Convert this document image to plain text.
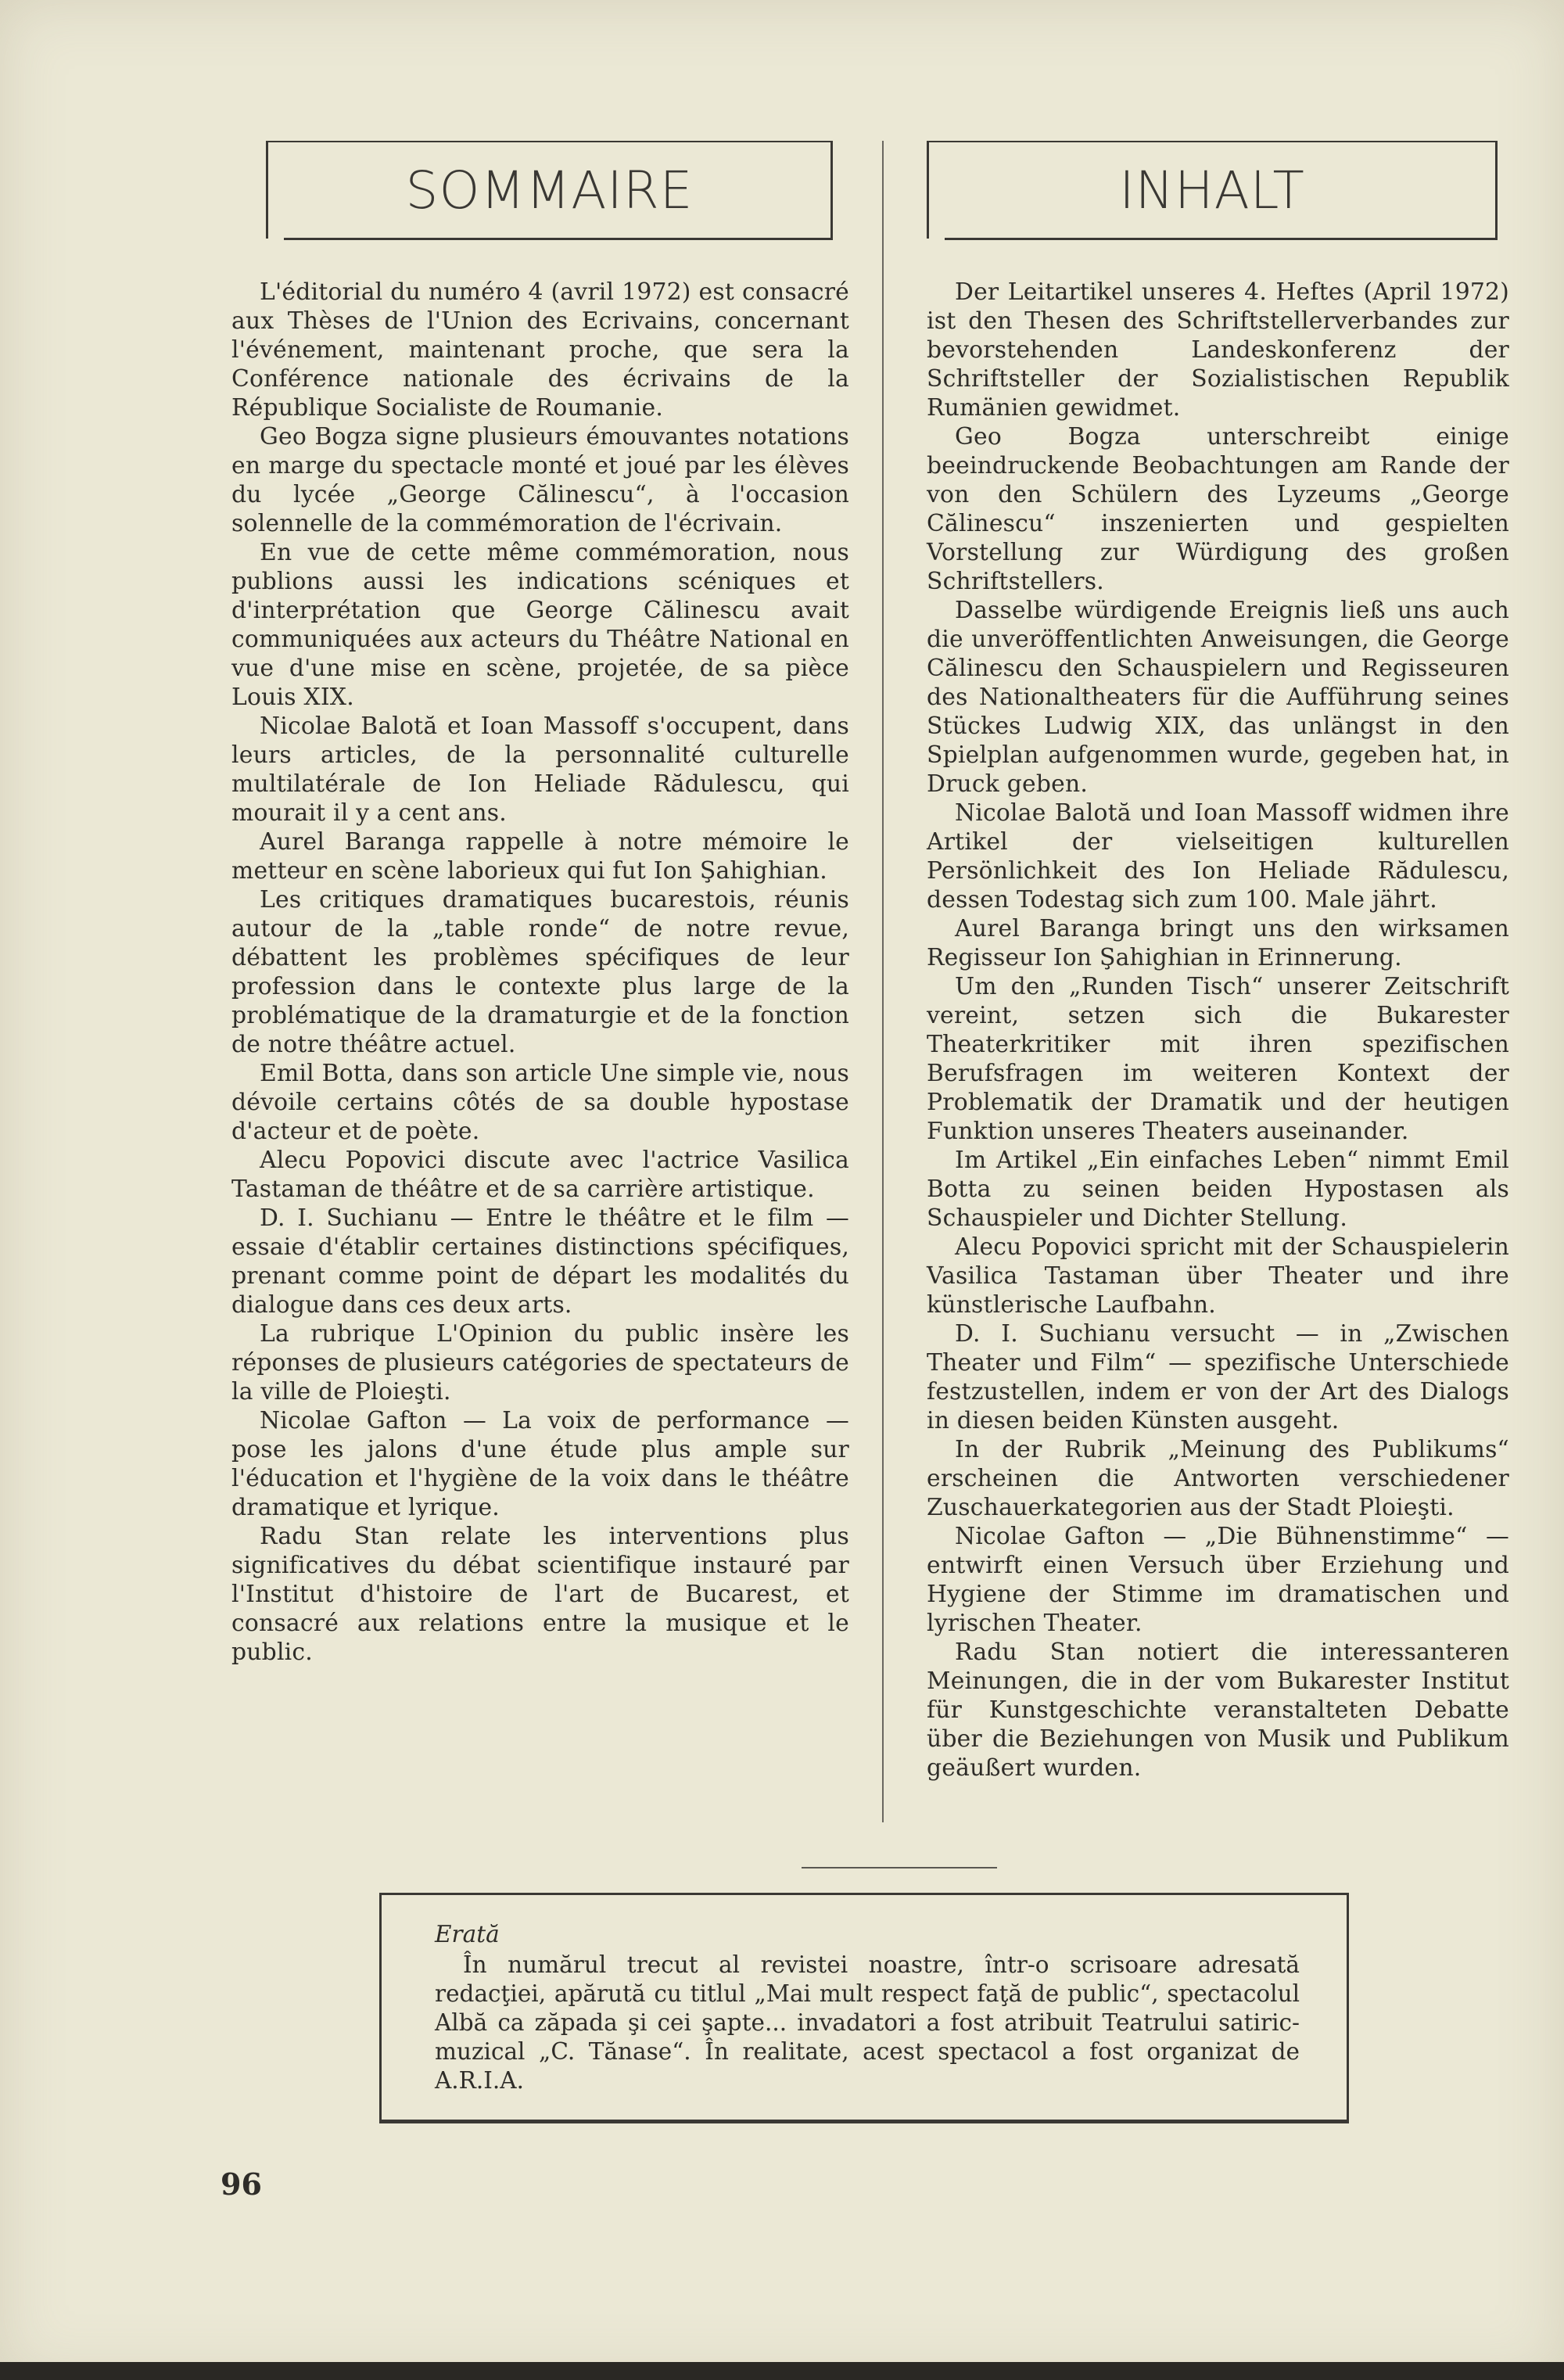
SOMMAIRE	INHALT

L'éditorial du numéro 4 (avril 1972) est consacré aux Thèses de l'Union des Ecrivains, concernant l'événement, maintenant proche, que sera la Conférence nationale des écrivains de la République Socialiste de Roumanie.

Geo Bogza signe plusieurs émouvantes notations en marge du spectacle monté et joué par les élèves du lycée „George Călinescu“, à l'occasion solennelle de la commémoration de l'écrivain.

En vue de cette même commémoration, nous publions aussi les indications scéniques et d'interprétation que George Călinescu avait communiquées aux acteurs du Théâtre National en vue d'une mise en scène, projetée, de sa pièce Louis XIX.

Nicolae Balotă et Ioan Massoff s'occupent, dans leurs articles, de la personnalité culturelle multilatérale de Ion Heliade Rădulescu, qui mourait il y a cent ans.

Aurel Baranga rappelle à notre mémoire le metteur en scène laborieux qui fut Ion Şahighian.

Les critiques dramatiques bucarestois, réunis autour de la „table ronde“ de notre revue, débattent les problèmes spécifiques de leur profession dans le contexte plus large de la problématique de la dramaturgie et de la fonction de notre théâtre actuel.

Emil Botta, dans son article Une simple vie, nous dévoile certains côtés de sa double hypostase d'acteur et de poète.

Alecu Popovici discute avec l'actrice Vasilica Tastaman de théâtre et de sa carrière artistique.

D. I. Suchianu — Entre le théâtre et le film — essaie d'établir certaines distinctions spécifiques, prenant comme point de départ les modalités du dialogue dans ces deux arts.

La rubrique L'Opinion du public insère les réponses de plusieurs catégories de spectateurs de la ville de Ploieşti.

Nicolae Gafton — La voix de performance — pose les jalons d'une étude plus ample sur l'éducation et l'hygiène de la voix dans le théâtre dramatique et lyrique.

Radu Stan relate les interventions plus significatives du débat scientifique instauré par l'Institut d'histoire de l'art de Bucarest, et consacré aux relations entre la musique et le public.

Der Leitartikel unseres 4. Heftes (April 1972) ist den Thesen des Schriftstellerverbandes zur bevorstehenden Landeskonferenz der Schriftsteller der Sozialistischen Republik Rumänien gewidmet.

Geo Bogza unterschreibt einige beeindruckende Beobachtungen am Rande der von den Schülern des Lyzeums „George Călinescu“ inszenierten und gespielten Vorstellung zur Würdigung des großen Schriftstellers.

Dasselbe würdigende Ereignis ließ uns auch die unveröffentlichten Anweisungen, die George Călinescu den Schauspielern und Regisseuren des Nationaltheaters für die Aufführung seines Stückes Ludwig XIX, das unlängst in den Spielplan aufgenommen wurde, gegeben hat, in Druck geben.

Nicolae Balotă und Ioan Massoff widmen ihre Artikel der vielseitigen kulturellen Persönlichkeit des Ion Heliade Rădulescu, dessen Todestag sich zum 100. Male jährt.

Aurel Baranga bringt uns den wirksamen Regisseur Ion Şahighian in Erinnerung.

Um den „Runden Tisch“ unserer Zeitschrift vereint, setzen sich die Bukarester Theaterkritiker mit ihren spezifischen Berufsfragen im weiteren Kontext der Problematik der Dramatik und der heutigen Funktion unseres Theaters auseinander.

Im Artikel „Ein einfaches Leben“ nimmt Emil Botta zu seinen beiden Hypostasen als Schauspieler und Dichter Stellung.

Alecu Popovici spricht mit der Schauspielerin Vasilica Tastaman über Theater und ihre künstlerische Laufbahn.

D. I. Suchianu versucht — in „Zwischen Theater und Film“ — spezifische Unterschiede festzustellen, indem er von der Art des Dialogs in diesen beiden Künsten ausgeht.

In der Rubrik „Meinung des Publikums“ erscheinen die Antworten verschiedener Zuschauerkategorien aus der Stadt Ploieşti.

Nicolae Gafton — „Die Bühnenstimme“ — entwirft einen Versuch über Erziehung und Hygiene der Stimme im dramatischen und lyrischen Theater.

Radu Stan notiert die interessanteren Meinungen, die in der vom Bukarester Institut für Kunstgeschichte veranstalteten Debatte über die Beziehungen von Musik und Publikum geäußert wurden.

Erată

În numărul trecut al revistei noastre, într-o scrisoare adresată redacţiei, apărută cu titlul „Mai mult respect faţă de public“, spectacolul Albă ca zăpada şi cei şapte... invadatori a fost atribuit Teatrului satiric-muzical „C. Tănase“. În realitate, acest spectacol a fost organizat de A.R.I.A.

96
